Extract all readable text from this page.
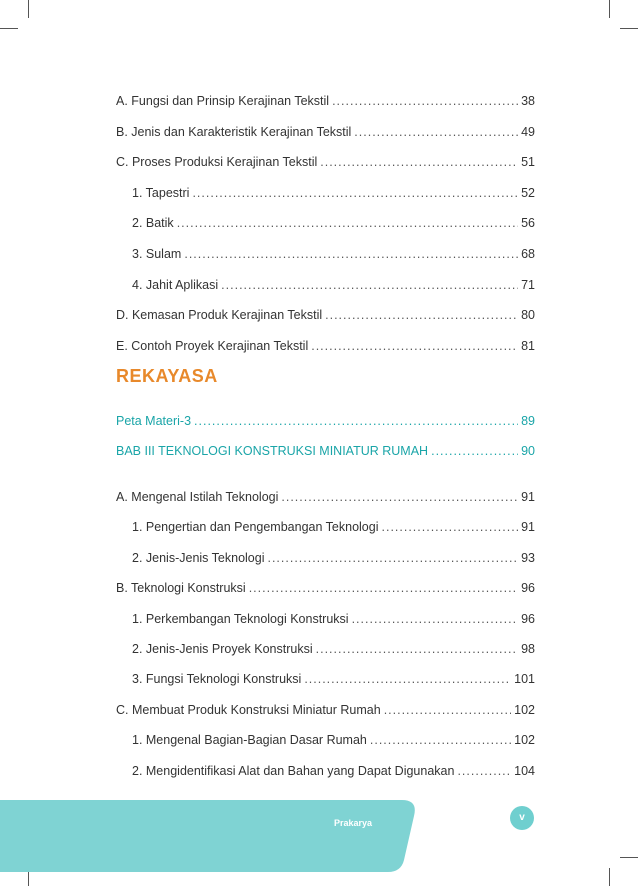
A. Fungsi dan Prinsip Kerajinan Tekstil .....	38
B. Jenis dan Karakteristik Kerajinan Tekstil .....	49
C. Proses Produksi Kerajinan Tekstil .....	51
1. Tapestri .....	52
2. Batik .....	56
3. Sulam .....	68
4. Jahit Aplikasi .....	71
D. Kemasan Produk Kerajinan Tekstil .....	80
E. Contoh Proyek Kerajinan Tekstil .....	81
Peta Materi-3 .....	89
BAB III TEKNOLOGI KONSTRUKSI MINIATUR RUMAH .....	90
A. Mengenal Istilah Teknologi .....	91
1. Pengertian dan Pengembangan Teknologi .....	91
2. Jenis-Jenis Teknologi .....	93
B. Teknologi Konstruksi .....	96
1. Perkembangan Teknologi Konstruksi .....	96
2. Jenis-Jenis Proyek Konstruksi .....	98
3. Fungsi Teknologi Konstruksi .....	101
C. Membuat Produk Konstruksi Miniatur Rumah .....	102
1. Mengenal Bagian-Bagian Dasar Rumah .....	102
2. Mengidentifikasi Alat dan Bahan yang Dapat Digunakan .....	104
REKAYASA
Prakarya	v
